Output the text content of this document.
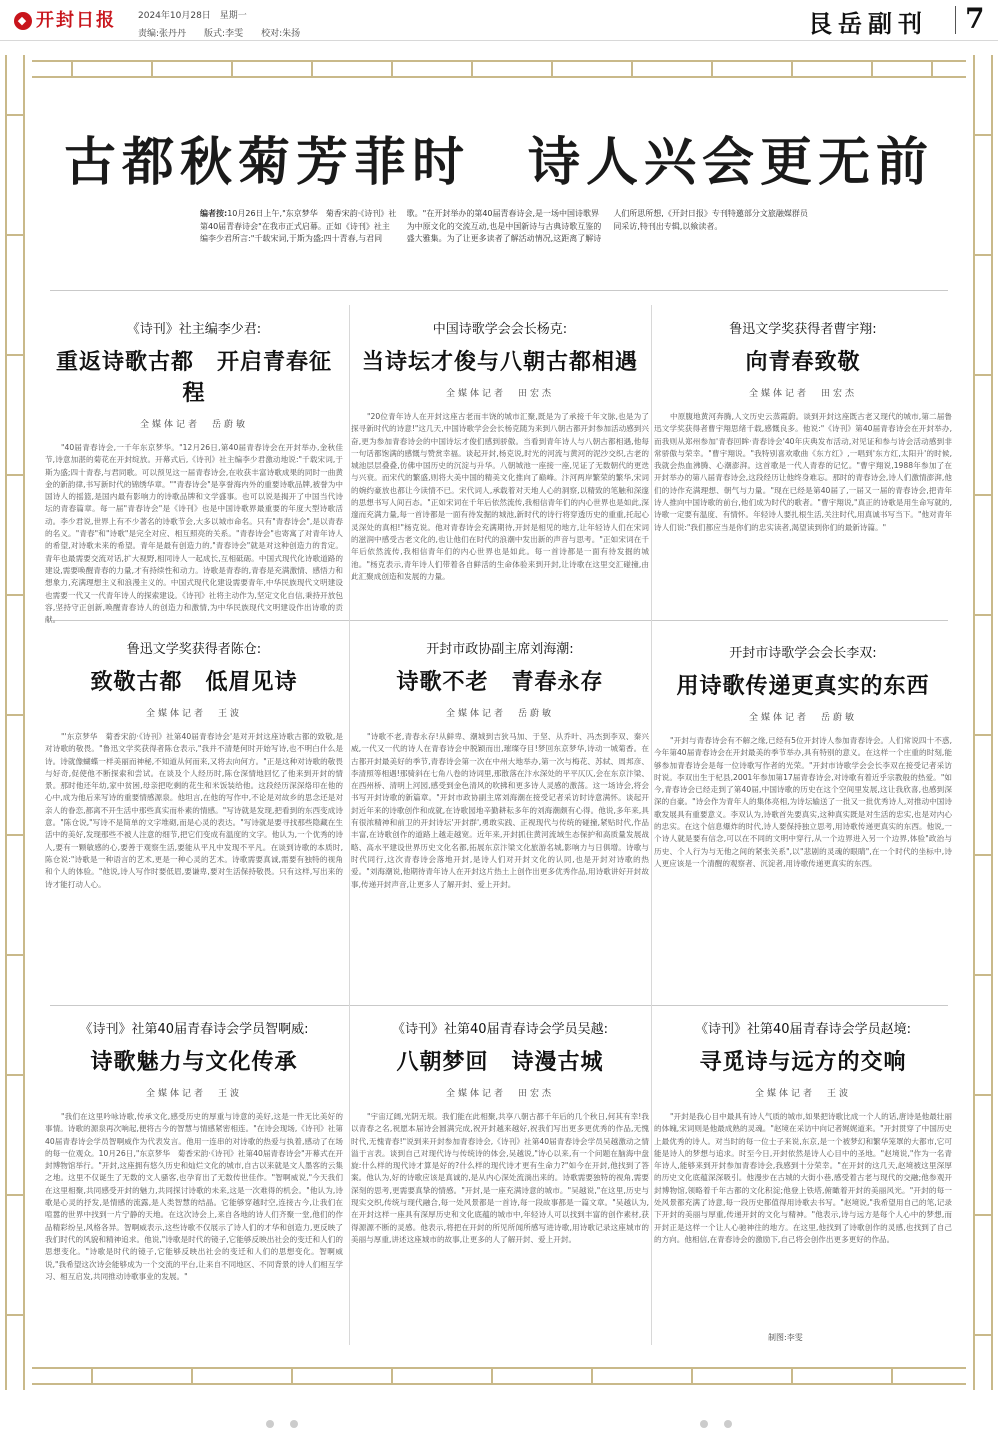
◆ 开封日报 2024年10月28日　星期一
责编:张丹丹　　版式:李雯　　校对:朱扬	艮岳副刊 7
古都秋菊芳菲时　诗人兴会更无前
编者按:10月26日上午,"东京梦华　菊香宋韵·《诗刊》社第40届青春诗会"在我市正式启幕。正如《诗刊》社主编李少君所言:"千载宋词,于斯为盛;四十青春,与君同歌。"在开封举办的第40届青春诗会,是一场中国诗歌界为中原文化的交流互动,也是中国新诗与古典诗歌互鉴的盛大雅集。为了让更多读者了解活动情况,这距离了解诗人们所思所想,《开封日报》专刊特邀部分文旅融媒群员同采访,特刊出专辑,以飨读者。
《诗刊》社主编李少君:
重返诗歌古都　开启青春征程
全媒体记者　岳蔚敏
"40届青春诗会,一千年东京梦华。"12月26日,第40届青春诗会在开封举办,金秋佳节,诗意加湛的菊花在开封绽放。开幕式后,《诗刊》社主编李少君激动地说:"千载宋词,于斯为盛;四十青春,与君同歌。可以预见这一届青春诗会,在收获丰富诗歌成果的同时一曲黄金的新韵律,书写新时代的锦绣华章。""青春诗会"是享誉海内外的重要诗歌品牌,被誉为中国诗人的摇篮,是国内最有影响力的诗歌品牌和文学盛事。也可以说是揭开了中国当代诗坛的青春篇章。每一届"青春诗会"是《诗刊》也是中国诗歌界最重要的年度大型诗歌活动。李少君说,世界上有不少著名的诗歌节会,大多以城市命名。只有"青春诗会",是以青春的名义。"青春"和"诗歌"是完全对应、相互照亮的关系。"青春诗会"也寄寓了对青年诗人的希望,对诗歌未来的希望。青年是最有创造力的,"青春诗会"就是对这种创造力的肯定。青年也最需要交流对话,扩大视野,相同诗人一起成长,互相砥砺。中国式现代化诗歌道路的建设,需要唤醒青春的力量,才有持续性和动力。诗歌是青春的,青春是充满激情、感悟力和想象力,充满理想主义和浪漫主义的。中国式现代化建设需要青年,中华民族现代文明建设也需要一代又一代青年诗人的探索建设。《诗刊》社将主动作为,坚定文化自信,秉持开放包容,坚持守正创新,唤醒青春诗人的创造力和激情,为中华民族现代文明建设作出诗歌的贡献。
中国诗歌学会会长杨克:
当诗坛才俊与八朝古都相遇
全媒体记者　田宏杰
"20位青年诗人在开封这座古老而丰饶的城市汇聚,既是为了承接千年文脉,也是为了探寻新时代的诗意!"这几天,中国诗歌学会会长杨克随为来到八朝古都开封参加活动感到兴奋,更为参加青春诗会的中国诗坛才俊们感到骄傲。当看到青年诗人与八朝古都相遇,他每一句话都饱满的感慨与赞赏幸福。谈起开封,杨克说,时光的河流与黄河的泥沙交织,古老的城池层层叠叠,仿佛中国历史的沉淀与升华。八朝城池一座接一座,见证了无数朝代的更迭与兴衰。而宋代的繁盛,则将大美中国的精美文化推向了巅峰。汴河两岸繁荣的繁华,宋词的婉约豪放也都让今读情不已。宋代词人,承载着对天地人心的洞察,以精致的笔触和深邃的思想书写人间百态。"正如宋词在千年后依然流传,我相信青年们的内心世界也是如此,深邃而充满力量,每一首诗都是一面有待发掘的城池,新时代的诗行将穿透历史的重重,托起心灵深处的真相!"杨克说。他对青春诗会充满期待,开封是相见的地方,让年轻诗人们在宋词的滋润中感受古老文化的,也让他们在时代的浪潮中发出新的声音与思考。"正如宋词在千年后依然流传,我相信青年们的内心世界也是如此。每一首诗都是一面有待发掘的城池。"杨克表示,青年诗人们带着各自鲜活的生命体验来到开封,让诗歌在这里交汇碰撞,由此汇聚成创造和发展的力量。
鲁迅文学奖获得者曹宇翔:
向青春致敬
全媒体记者　田宏杰
中原腹地黄河奔腾,人文历史云蒸霞蔚。谈到开封这座既古老又现代的城市,第二届鲁迅文学奖获得者曹宇翔思绪千载,感慨良多。他说:"《诗刊》第40届青春诗会在开封举办,而我则从郑州参加'青春回眸·青春诗会'40年庆典发布活动,对见证和参与诗会活动感到非常骄傲与荣幸。"曹宇翔说。"我特别喜欢歌曲《东方红》,一唱到'东方红,太阳升'的时候,我就会热血沸腾、心潮澎湃。这首歌是一代人青春的记忆。"曹宇翔说,1988年参加了在开封举办的第八届青春诗会,这段经历让他终身难忘。那时的青春诗会,诗人们激情澎湃,他们的诗作充满理想、朝气与力量。"现在已经是第40届了,一届又一届的青春诗会,把青年诗人推向中国诗歌的前台,他们成为时代的歌者。"曹宇翔说,"真正的诗歌是用生命写就的,诗歌一定要有温度、有情怀。年轻诗人要扎根生活,关注时代,用真诚书写当下。"他对青年诗人们说:"我们都应当是你们的忠实读者,渴望读到你们的最新诗篇。"
鲁迅文学奖获得者陈仓:
致敬古都　低眉见诗
全媒体记者　王波
"'东京梦华　菊香宋韵·《诗刊》社第40届青春诗会'是对开封这座诗歌古都的致敬,是对诗歌的敬畏。"鲁迅文学奖获得者陈仓表示,"我并不清楚何时开始写诗,也不明白什么是诗。诗就像蝴蝶一样美丽而神秘,不知道从何而来,又将去向何方。"正是这种对诗歌的敬畏与好奇,促使他不断探索和尝试。在谈及个人经历时,陈仓深情地回忆了他来到开封的情景。那时他还年幼,家中贫困,母亲把吃剩的花生和米饭装给他。这段经历深深烙印在他的心中,成为他后来写诗的重要情感源泉。他坦言,在他的写作中,不论是对故乡的思念还是对亲人的眷恋,都离不开生活中那些真实而朴素的情感。"写诗就是发现,把看到的东西变成诗意。"陈仓说,"写诗不是简单的文字堆砌,而是心灵的表达。"写诗就是要寻找那些隐藏在生活中的美好,发现那些不被人注意的细节,把它们变成有温度的文字。他认为,一个优秀的诗人,要有一颗敏感的心,要善于观察生活,要能从平凡中发现不平凡。在谈到诗歌的本质时,陈仓说:"诗歌是一种语言的艺术,更是一种心灵的艺术。诗歌需要真诚,需要有独特的视角和个人的体验。"他说,诗人写作时要低眉,要谦卑,要对生活保持敬畏。只有这样,写出来的诗才能打动人心。
开封市政协副主席刘海潮:
诗歌不老　青春永存
全媒体记者　岳蔚敏
"诗歌不老,青春永存!从鲜卑、潮城到吉狄马加、于坚、从乔叶、冯杰到李双、秦兴威,一代又一代的诗人在青春诗会中脱颖而出,璀璨夺目!梦回东京梦华,诗动一城菊香。在古都开封最美好的季节,青春诗会第一次在中州大地举办,第一次与梅花、苏轼、周邦彦、李清照等相遇!那骑斜在七角八卷的诗词里,那散落在汴水深处的平平仄仄,会在东京汴梁、在西州桥、清明上河园,感受到金色清风的吹拂和更多诗人灵感的激荡。这一场诗会,将会书写开封诗歌的新篇章。"开封市政协副主席刘海潮在接受记者采访时诗意满怀。谈起开封近年来的诗歌创作和成就,在诗歌园地辛勤耕耘多年的刘海潮颇有心得。他说,多年来,具有很浓精神和前卫的开封诗坛'开封群',勇敢实践、正视现代与传统的碰撞,紧贴时代,作品丰富,在诗歌创作的道路上越走越宽。近年来,开封抓住黄河流域生态保护和高质量发展战略、高水平建设世界历史文化名都,拓展东京汴梁文化旅游名城,影响力与日俱增。诗歌与时代同行,这次青春诗会落地开封,是诗人们对开封文化的认同,也是开封对诗歌的热爱。"刘海潮说,他期待青年诗人在开封这片热土上创作出更多优秀作品,用诗歌讲好开封故事,传递开封声音,让更多人了解开封、爱上开封。
开封市诗歌学会会长李双:
用诗歌传递更真实的东西
全媒体记者　岳蔚敏
"开封与青春诗会有不解之缘,已经有5位开封诗人参加青春诗会。人们常说四十不惑,今年第40届青春诗会在开封最美的季节举办,具有特别的意义。在这样一个庄重的时刻,能够参加青春诗会是每一位诗歌写作者的光荣。"开封市诗歌学会会长李双在接受记者采访时说。李双出生于杞县,2001年参加第17届青春诗会,对诗歌有着近乎宗教般的热爱。"如今,青春诗会已经走到了第40届,中国诗歌的历史在这个空间里发展,这让我欣喜,也感到深深的自豪。"诗会作为青年人的集体亮相,为诗坛输送了一批又一批优秀诗人,对推动中国诗歌发展具有重要意义。李双认为,诗歌首先要真实,这种真实既是对生活的忠实,也是对内心的忠实。在这个信息爆炸的时代,诗人要保持独立思考,用诗歌传递更真实的东西。他说,一个诗人就是要有信念,可以在不同的文明中穿行,从一个边界进入另一个边界,体验"政治与历史、个人行为与无他之间的紧张关系",以"悲剧的灵魂的眼睛",在一个时代的坐标中,诗人更应该是一个清醒的观察者、沉淀者,用诗歌传递更真实的东西。
《诗刊》社第40届青春诗会学员智啊威:
诗歌魅力与文化传承
全媒体记者　王波
"我们在这里吟咏诗歌,传承文化,感受历史的厚重与诗意的美好,这是一件无比美好的事情。诗歌的源泉再次响起,便将古今的智慧与情感紧密相连。"在诗会现场,《诗刊》社第40届青春诗会学员智啊威作为代表发言。他用一连串的对诗歌的热爱与执着,感动了在场的每一位观众。10月26日,"东京梦华　菊香宋韵·《诗刊》社第40届青春诗会"开幕式在开封博物馆举行。"开封,这座拥有悠久历史和灿烂文化的城市,自古以来就是文人墨客的云集之地。这里不仅诞生了无数的文人骚客,也孕育出了无数传世佳作。"智啊威说,"今天我们在这里相聚,共同感受开封的魅力,共同探讨诗歌的未来,这是一次难得的机会。"他认为,诗歌是心灵的抒发,是情感的流露,是人类智慧的结晶。它能够穿越时空,连接古今,让我们在喧嚣的世界中找到一片宁静的天地。在这次诗会上,来自各地的诗人们齐聚一堂,他们的作品精彩纷呈,风格各异。智啊威表示,这些诗歌不仅展示了诗人们的才华和创造力,更反映了我们时代的风貌和精神追求。他说,"诗歌是时代的镜子,它能够反映出社会的变迁和人们的思想变化。"诗歌是时代的镜子,它能够反映出社会的变迁和人们的思想变化。智啊威说,"我希望这次诗会能够成为一个交流的平台,让来自不同地区、不同背景的诗人们相互学习、相互启发,共同推动诗歌事业的发展。"
《诗刊》社第40届青春诗会学员吴越:
八朝梦回　诗漫古城
全媒体记者　田宏杰
"宇宙辽阔,光阴无垠。我们能在此相聚,共享八朝古都千年后的几个秋日,何其有幸!我以青春之名,祝愿本届诗会圆满完成,祝开封越来越好,祝我们写出更多更优秀的作品,无愧时代,无愧青春!"说到来开封参加青春诗会,《诗刊》社第40届青春诗会学员吴越激动之情溢于言表。谈到自己对现代诗与传统诗的体会,吴越说,"诗心以来,有一个问题在脑海中盘旋:什么样的现代诗才算是好的?什么样的现代诗才更有生命力?"如今在开封,他找到了答案。他认为,好的诗歌应该是真诚的,是从内心深处流淌出来的。诗歌需要独特的视角,需要深刻的思考,更需要真挚的情感。"开封,是一座充满诗意的城市。"吴越说,"在这里,历史与现实交织,传统与现代融合,每一处风景都是一首诗,每一段故事都是一篇文章。"吴越认为,在开封这样一座具有深厚历史和文化底蕴的城市中,年轻诗人可以找到丰富的创作素材,获得源源不断的灵感。他表示,将把在开封的所见所闻所感写进诗歌,用诗歌记录这座城市的美丽与厚重,讲述这座城市的故事,让更多的人了解开封、爱上开封。
《诗刊》社第40届青春诗会学员赵境:
寻觅诗与远方的交响
全媒体记者　王波
"开封是我心目中最具有诗人气质的城市,如果把诗歌比成一个人的话,唐诗是他最壮丽的体魄,宋词则是他最成熟的灵魂。"赵境在采访中向记者娓娓道来。"开封贯穿了中国历史上最优秀的诗人。对当时的每一位士子来说,东京,是一个被梦幻和繁华笼罩的大都市,它可能是诗人的梦想与追求。时至今日,开封依然是诗人心目中的圣地。"赵境说,"作为一名青年诗人,能够来到开封参加青春诗会,我感到十分荣幸。"在开封的这几天,赵境被这里深厚的历史文化底蕴深深吸引。他漫步在古城的大街小巷,感受着古老与现代的交融;他参观开封博物馆,领略着千年古都的文化积淀;他登上铁塔,俯瞰着开封的美丽风光。"开封的每一处风景都充满了诗意,每一段历史都值得用诗歌去书写。"赵境说,"我希望用自己的笔,记录下开封的美丽与厚重,传递开封的文化与精神。"他表示,诗与远方是每个人心中的梦想,而开封正是这样一个让人心驰神往的地方。在这里,他找到了诗歌创作的灵感,也找到了自己的方向。他相信,在青春诗会的激励下,自己将会创作出更多更好的作品。
制图:李雯
